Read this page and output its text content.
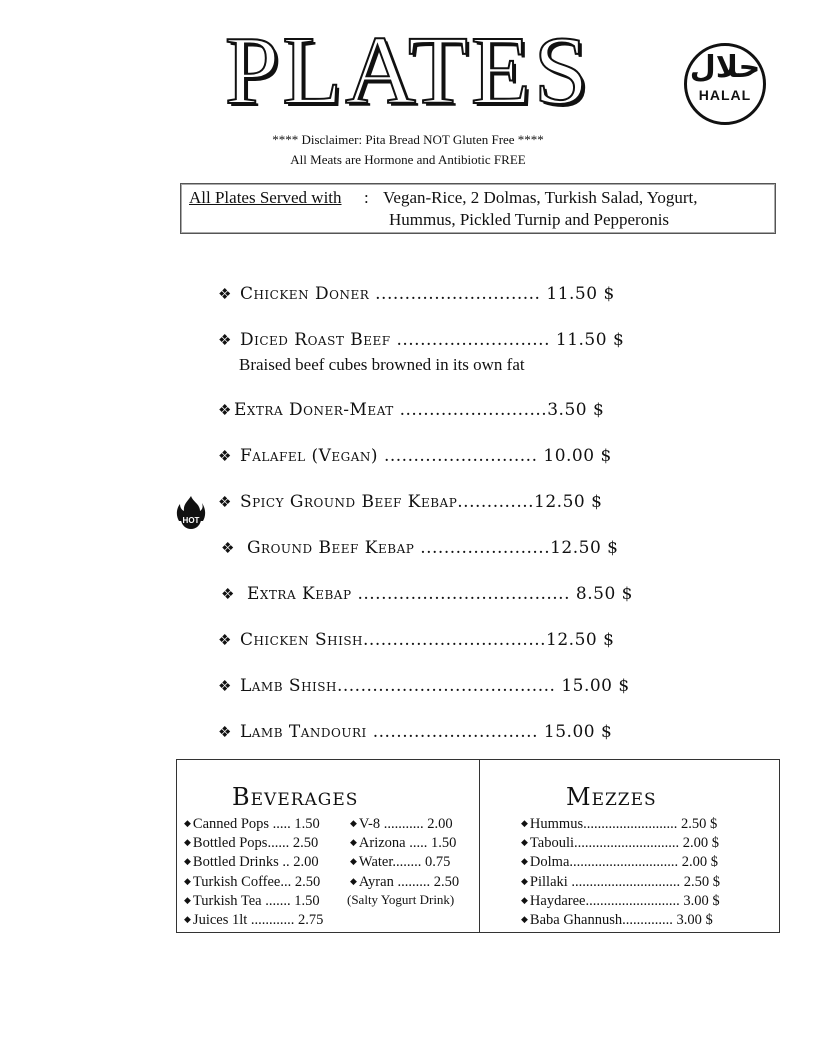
PLATES	حلال
HALAL
**** Disclaimer: Pita Bread NOT Gluten Free ****
All Meats are Hormone and Antibiotic FREE
All Plates Served with : Vegan-Rice, 2 Dolmas, Turkish Salad, Yogurt,
Hummus, Pickled Turnip and Pepperonis
❖ Chicken Doner ............................ 11.50 $
❖ Diced Roast Beef .......................... 11.50 $
Braised beef cubes browned in its own fat
❖ Extra Doner-Meat .........................3.50 $
❖ Falafel (Vegan) .......................... 10.00 $
HOT
❖ Spicy Ground Beef Kebap.............12.50 $
❖ Ground Beef Kebap ......................12.50 $
❖ Extra Kebap .................................... 8.50 $
❖ Chicken Shish...............................12.50 $
❖ Lamb Shish..................................... 15.00 $
❖ Lamb Tandouri ............................ 15.00 $
Beverages	Mezzes
◆ Canned Pops ..... 1.50
◆ Bottled Pops...... 2.50
◆ Bottled Drinks .. 2.00
◆ Turkish Coffee... 2.50
◆ Turkish Tea ....... 1.50
◆ Juices 1lt ............ 2.75
◆ V-8 ........... 2.00
◆ Arizona ..... 1.50
◆ Water........ 0.75
◆ Ayran ......... 2.50
(Salty Yogurt Drink)
◆ Hummus.......................... 2.50 $
◆ Tabouli............................. 2.00 $
◆ Dolma.............................. 2.00 $
◆ Pillaki .............................. 2.50 $
◆ Haydaree.......................... 3.00 $
◆ Baba Ghannush.............. 3.00 $
